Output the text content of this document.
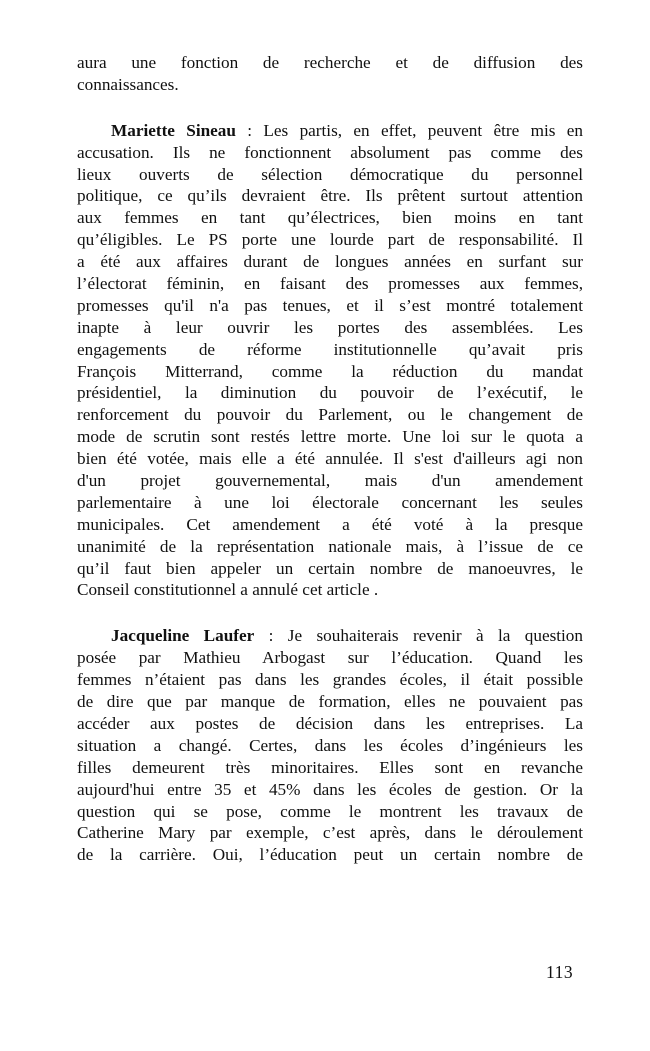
aura une fonction de recherche et de diffusion des
connaissances.

Mariette Sineau : Les partis, en effet, peuvent être mis en
accusation. Ils ne fonctionnent absolument pas comme des
lieux ouverts de sélection démocratique du personnel
politique, ce qu’ils devraient être. Ils prêtent surtout attention
aux femmes en tant qu’électrices, bien moins en tant
qu’éligibles. Le PS porte une lourde part de responsabilité. Il
a été aux affaires durant de longues années en surfant sur
l’électorat féminin, en faisant des promesses aux femmes,
promesses qu'il n'a pas tenues, et il s’est montré totalement
inapte à leur ouvrir les portes des assemblées. Les
engagements de réforme institutionnelle qu’avait pris
François Mitterrand, comme la réduction du mandat
présidentiel, la diminution du pouvoir de l’exécutif, le
renforcement du pouvoir du Parlement, ou le changement de
mode de scrutin sont restés lettre morte. Une loi sur le quota a
bien été votée, mais elle a été annulée. Il s'est d'ailleurs agi non
d'un projet gouvernemental, mais d'un amendement
parlementaire à une loi électorale concernant les seules
municipales. Cet amendement a été voté à la presque
unanimité de la représentation nationale mais, à l’issue de ce
qu’il faut bien appeler un certain nombre de manoeuvres, le
Conseil constitutionnel a annulé cet article .

Jacqueline Laufer : Je souhaiterais revenir à la question
posée par Mathieu Arbogast sur l’éducation. Quand les
femmes n’étaient pas dans les grandes écoles, il était possible
de dire que par manque de formation, elles ne pouvaient pas
accéder aux postes de décision dans les entreprises. La
situation a changé. Certes, dans les écoles d’ingénieurs les
filles demeurent très minoritaires. Elles sont en revanche
aujourd'hui entre 35 et 45% dans les écoles de gestion. Or la
question qui se pose, comme le montrent les travaux de
Catherine Mary par exemple, c’est après, dans le déroulement
de la carrière. Oui, l’éducation peut un certain nombre de

113
